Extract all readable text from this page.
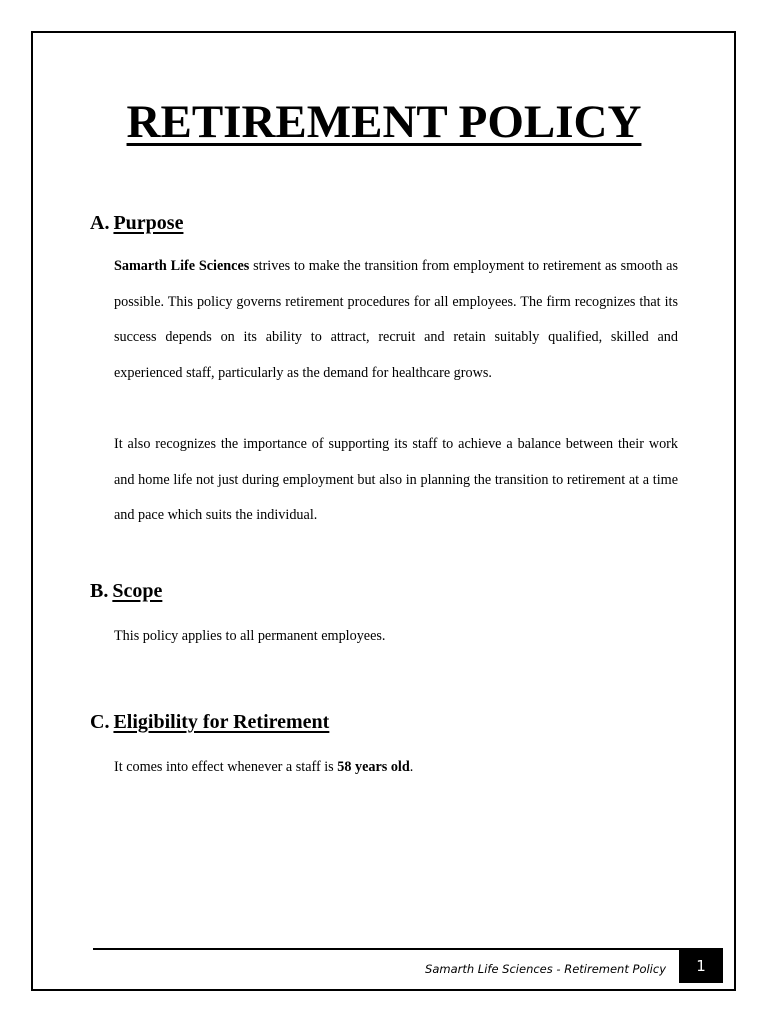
RETIREMENT POLICY
A. Purpose

Samarth Life Sciences strives to make the transition from employment to retirement as smooth as possible. This policy governs retirement procedures for all employees. The firm recognizes that its success depends on its ability to attract, recruit and retain suitably qualified, skilled and experienced staff, particularly as the demand for healthcare grows.

It also recognizes the importance of supporting its staff to achieve a balance between their work and home life not just during employment but also in planning the transition to retirement at a time and pace which suits the individual.

B. Scope
This policy applies to all permanent employees.
C. Eligibility for Retirement
It comes into effect whenever a staff is 58 years old.
Samarth Life Sciences - Retirement Policy	1
